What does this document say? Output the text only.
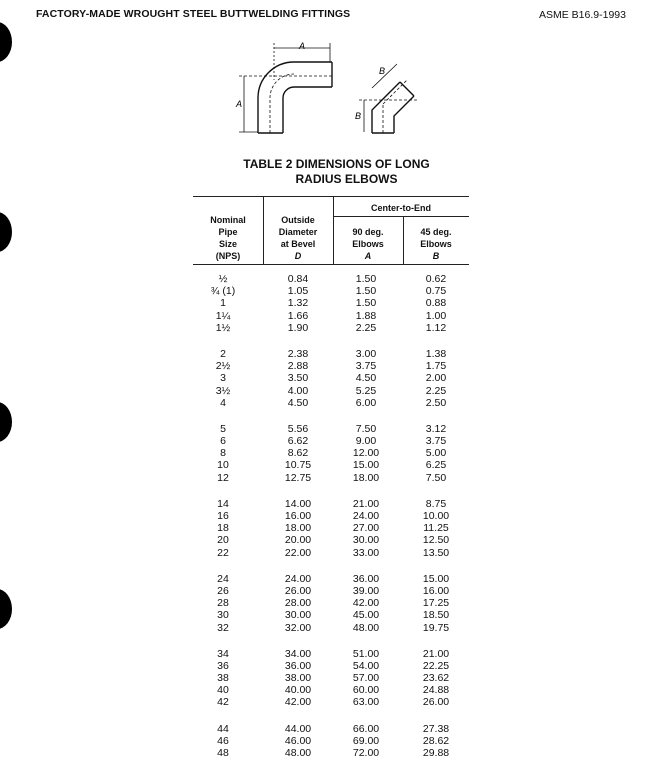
FACTORY-MADE WROUGHT STEEL BUTTWELDING FITTINGS	ASME B16.9-1993
A
A
B
B
TABLE 2 DIMENSIONS OF LONG
RADIUS ELBOWS
Center-to-End
Nominal
Pipe
Size
(NPS)
Outside
Diameter
at Bevel
D
90 deg.
Elbows
A
45 deg.
Elbows
B
½	0.84	1.50	0.62
¾ (1)	1.05	1.50	0.75
1	1.32	1.50	0.88
1¼	1.66	1.88	1.00
1½	1.90	2.25	1.12
2	2.38	3.00	1.38
2½	2.88	3.75	1.75
3	3.50	4.50	2.00
3½	4.00	5.25	2.25
4	4.50	6.00	2.50
5	5.56	7.50	3.12
6	6.62	9.00	3.75
8	8.62	12.00	5.00
10	10.75	15.00	6.25
12	12.75	18.00	7.50
14	14.00	21.00	8.75
16	16.00	24.00	10.00
18	18.00	27.00	11.25
20	20.00	30.00	12.50
22	22.00	33.00	13.50
24	24.00	36.00	15.00
26	26.00	39.00	16.00
28	28.00	42.00	17.25
30	30.00	45.00	18.50
32	32.00	48.00	19.75
34	34.00	51.00	21.00
36	36.00	54.00	22.25
38	38.00	57.00	23.62
40	40.00	60.00	24.88
42	42.00	63.00	26.00
44	44.00	66.00	27.38
46	46.00	69.00	28.62
48	48.00	72.00	29.88
